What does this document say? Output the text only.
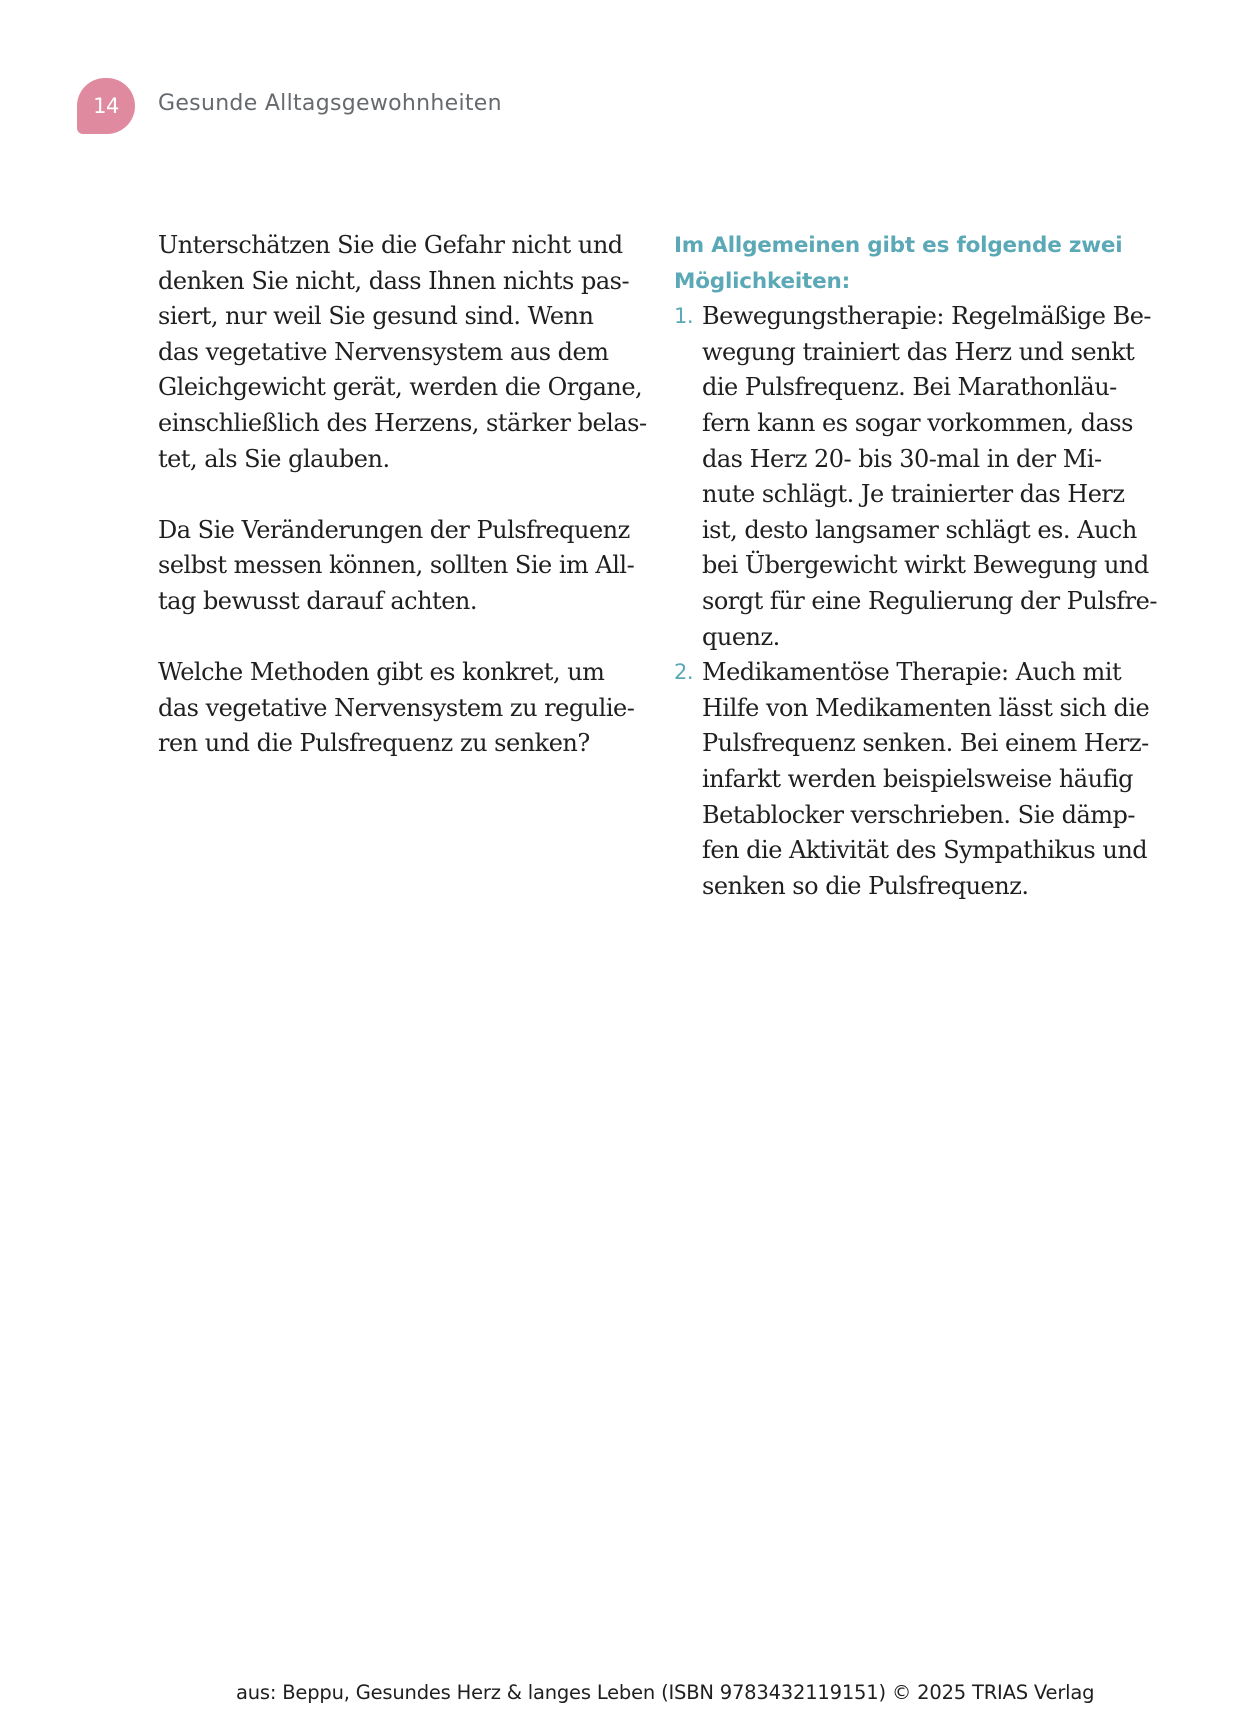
14	Gesunde Alltagsgewohnheiten

Unterschätzen Sie die Gefahr nicht und
denken Sie nicht, dass Ihnen nichts pas-
siert, nur weil Sie gesund sind. Wenn
das vegetative Nervensystem aus dem
Gleichgewicht gerät, werden die Organe,
einschließlich des Herzens, stärker belas-
tet, als Sie glauben.

Da Sie Veränderungen der Pulsfrequenz
selbst messen können, sollten Sie im All-
tag bewusst darauf achten.

Welche Methoden gibt es konkret, um
das vegetative Nervensystem zu regulie-
ren und die Pulsfrequenz zu senken?

Im Allgemeinen gibt es folgende zwei
Möglichkeiten:
1. Bewegungstherapie: Regelmäßige Be-
wegung trainiert das Herz und senkt
die Pulsfrequenz. Bei Marathonläu-
fern kann es sogar vorkommen, dass
das Herz 20- bis 30-mal in der Mi-
nute schlägt. Je trainierter das Herz
ist, desto langsamer schlägt es. Auch
bei Übergewicht wirkt Bewegung und
sorgt für eine Regulierung der Pulsfre-
quenz.
2. Medikamentöse Therapie: Auch mit
Hilfe von Medikamenten lässt sich die
Pulsfrequenz senken. Bei einem Herz-
infarkt werden beispielsweise häufig
Betablocker verschrieben. Sie dämp-
fen die Aktivität des Sympathikus und
senken so die Pulsfrequenz.
aus: Beppu, Gesundes Herz & langes Leben (ISBN 9783432119151) © 2025 TRIAS Verlag
